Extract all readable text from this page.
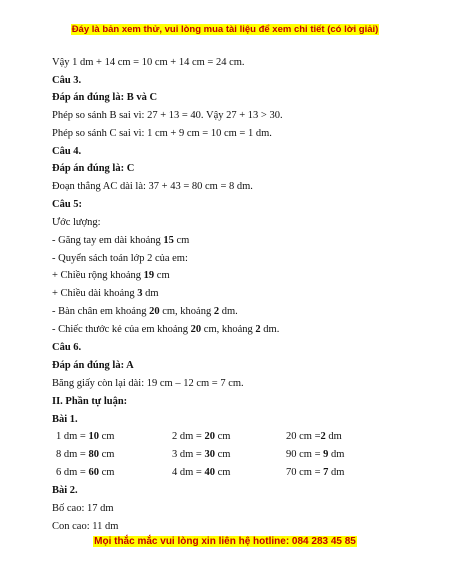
Đáy là bản xem thử, vui lòng mua tài liệu để xem chi tiết (có lời giải)
Vậy 1 dm + 14 cm = 10 cm + 14 cm = 24 cm.
Câu 3.
Đáp án đúng là: B và C
Phép so sánh B sai vì: 27 + 13 = 40. Vậy 27 + 13 > 30.
Phép so sánh C sai vì: 1 cm + 9 cm = 10 cm = 1 dm.
Câu 4.
Đáp án đúng là: C
Đoạn thẳng AC dài là: 37 + 43 = 80 cm = 8 dm.
Câu 5:
Ước lượng:
- Găng tay em dài khoảng 15 cm
- Quyển sách toán lớp 2 của em:
+ Chiều rộng khoảng 19 cm
+ Chiều dài khoảng 3 dm
- Bàn chân em khoảng 20 cm, khoảng 2 dm.
- Chiếc thước kẻ của em khoảng 20 cm, khoảng 2 dm.
Câu 6.
Đáp án đúng là: A
Băng giấy còn lại dài: 19 cm – 12 cm = 7 cm.
II. Phần tự luận:
Bài 1.
1 dm = 10 cm	2 dm = 20 cm	20 cm =2 dm
8 dm = 80 cm	3 dm = 30 cm	90 cm = 9 dm
6 dm = 60 cm	4 dm = 40 cm	70 cm = 7 dm
Bài 2.
Bố cao: 17 dm
Con cao: 11 dm
Mọi thắc mắc vui lòng xin liên hệ hotline: 084 283 45 85
